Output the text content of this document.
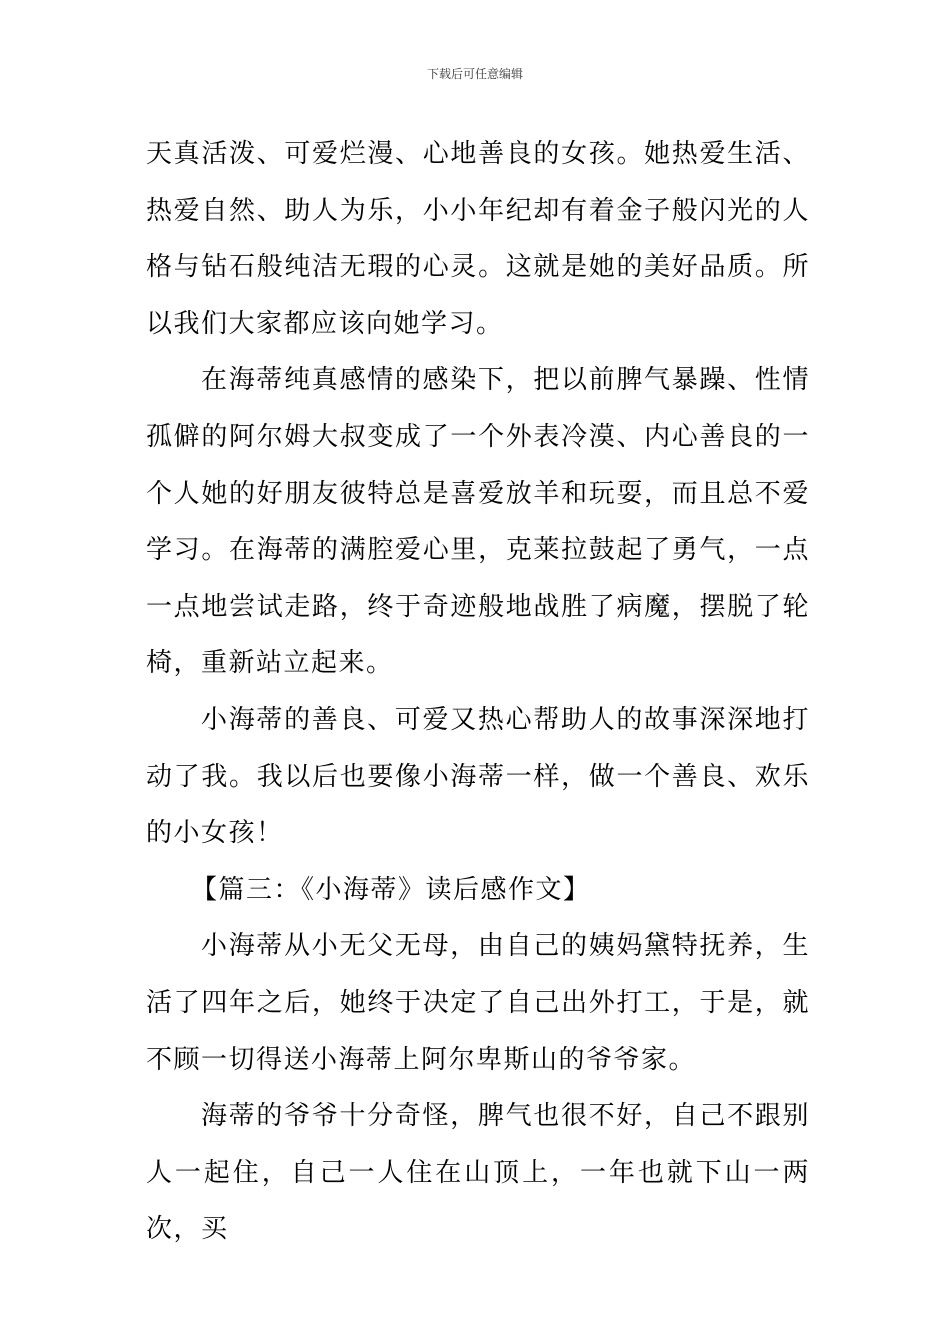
下载后可任意编辑

天真活泼、可爱烂漫、心地善良的女孩。她热爱生活、热爱自然、助人为乐，小小年纪却有着金子般闪光的人格与钻石般纯洁无瑕的心灵。这就是她的美好品质。所以我们大家都应该向她学习。

在海蒂纯真感情的感染下，把以前脾气暴躁、性情孤僻的阿尔姆大叔变成了一个外表冷漠、内心善良的一个人她的好朋友彼特总是喜爱放羊和玩耍，而且总不爱学习。在海蒂的满腔爱心里，克莱拉鼓起了勇气，一点一点地尝试走路，终于奇迹般地战胜了病魔，摆脱了轮椅，重新站立起来。

小海蒂的善良、可爱又热心帮助人的故事深深地打动了我。我以后也要像小海蒂一样，做一个善良、欢乐的小女孩！

【篇三：《小海蒂》读后感作文】

小海蒂从小无父无母，由自己的姨妈黛特抚养，生活了四年之后，她终于决定了自己出外打工，于是，就不顾一切得送小海蒂上阿尔卑斯山的爷爷家。

海蒂的爷爷十分奇怪，脾气也很不好，自己不跟别人一起住，自己一人住在山顶上，一年也就下山一两次，买
